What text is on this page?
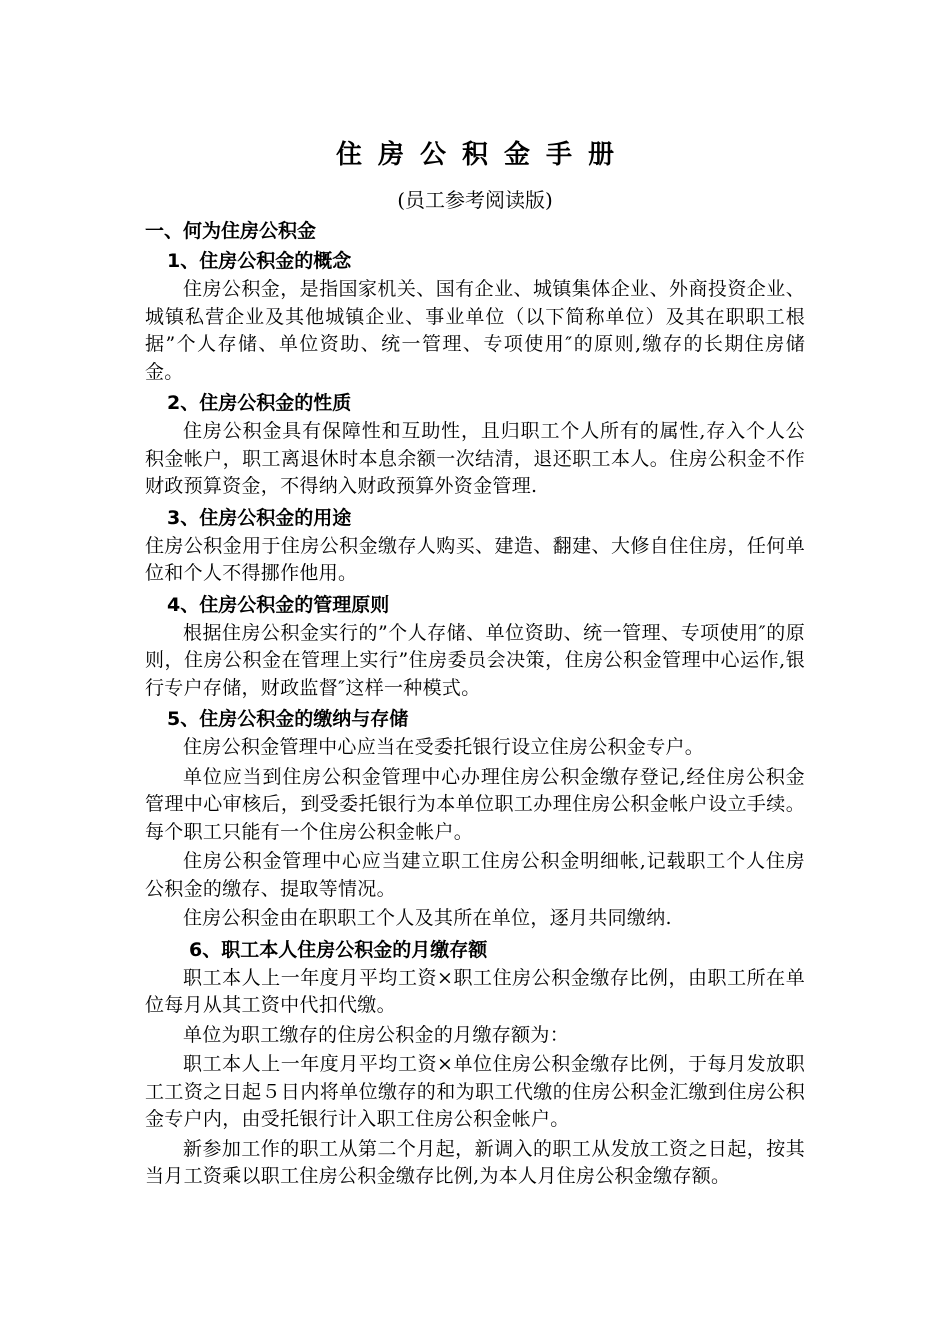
住房公积金手册
(员工参考阅读版)
一、何为住房公积金
1、住房公积金的概念

住房公积金，是指国家机关、国有企业、城镇集体企业、外商投资企业、城镇私营企业及其他城镇企业、事业单位（以下简称单位）及其在职职工根据”个人存储、单位资助、统一管理、专项使用″的原则,缴存的长期住房储金。

2、住房公积金的性质

住房公积金具有保障性和互助性，且归职工个人所有的属性,存入个人公积金帐户，职工离退休时本息余额一次结清，退还职工本人。住房公积金不作财政预算资金，不得纳入财政预算外资金管理.

3、住房公积金的用途

住房公积金用于住房公积金缴存人购买、建造、翻建、大修自住住房，任何单位和个人不得挪作他用。

4、住房公积金的管理原则

根据住房公积金实行的”个人存储、单位资助、统一管理、专项使用″的原则，住房公积金在管理上实行”住房委员会决策，住房公积金管理中心运作,银行专户存储，财政监督″这样一种模式。

5、住房公积金的缴纳与存储

住房公积金管理中心应当在受委托银行设立住房公积金专户。

单位应当到住房公积金管理中心办理住房公积金缴存登记,经住房公积金管理中心审核后，到受委托银行为本单位职工办理住房公积金帐户设立手续。每个职工只能有一个住房公积金帐户。

住房公积金管理中心应当建立职工住房公积金明细帐,记载职工个人住房公积金的缴存、提取等情况。

住房公积金由在职职工个人及其所在单位，逐月共同缴纳.

6、职工本人住房公积金的月缴存额

职工本人上一年度月平均工资×职工住房公积金缴存比例，由职工所在单位每月从其工资中代扣代缴。

单位为职工缴存的住房公积金的月缴存额为：

职工本人上一年度月平均工资×单位住房公积金缴存比例，于每月发放职工工资之日起５日内将单位缴存的和为职工代缴的住房公积金汇缴到住房公积金专户内，由受托银行计入职工住房公积金帐户。

新参加工作的职工从第二个月起，新调入的职工从发放工资之日起，按其当月工资乘以职工住房公积金缴存比例,为本人月住房公积金缴存额。
